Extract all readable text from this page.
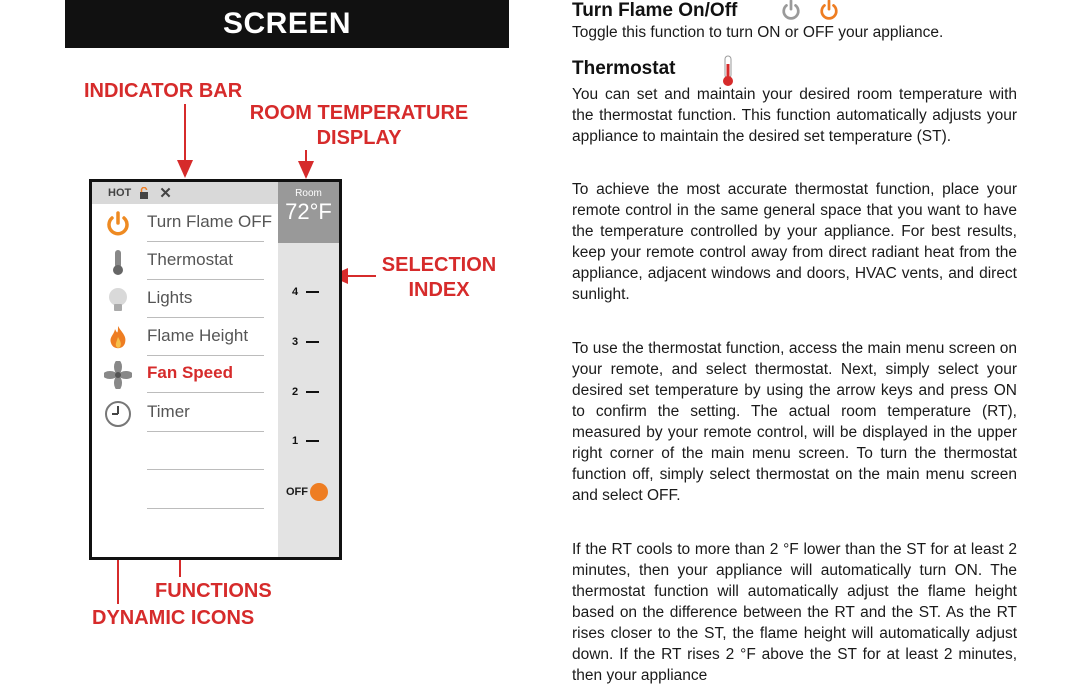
SCREEN
INDICATOR BAR
ROOM TEMPERATURE
DISPLAY
SELECTION
INDEX
FUNCTIONS
DYNAMIC ICONS
HOT ✕	Room
72°F
4
3
2
1
OFF
Turn Flame OFF
Thermostat
Lights
Flame Height
Fan Speed
Timer
Turn Flame On/Off

Toggle this function to turn ON or OFF your appliance.

Thermostat

You can set and maintain your desired room temperature with the thermostat function. This function automatically adjusts your appliance to maintain the desired set temperature (ST).

To achieve the most accurate thermostat function, place your remote control in the same general space that you want to have the temperature controlled by your appliance. For best results, keep your remote control away from direct radiant heat from the appliance, adjacent windows and doors, HVAC vents, and direct sunlight.

To use the thermostat function, access the main menu screen on your remote, and select thermostat. Next, simply select your desired set temperature by using the arrow keys and press ON to confirm the setting. The actual room temperature (RT), measured by your remote control, will be displayed in the upper right corner of the main menu screen. To turn the thermostat function off, simply select thermostat on the main menu screen and select OFF.

If the RT cools to more than 2 °F lower than the ST for at least 2 minutes, then your appliance will automatically turn ON. The thermostat function will automatically adjust the flame height based on the difference between the RT and the ST. As the RT rises closer to the ST, the flame height will automatically adjust down. If the RT rises 2 °F above the ST for at least 2 minutes, then your appliance
